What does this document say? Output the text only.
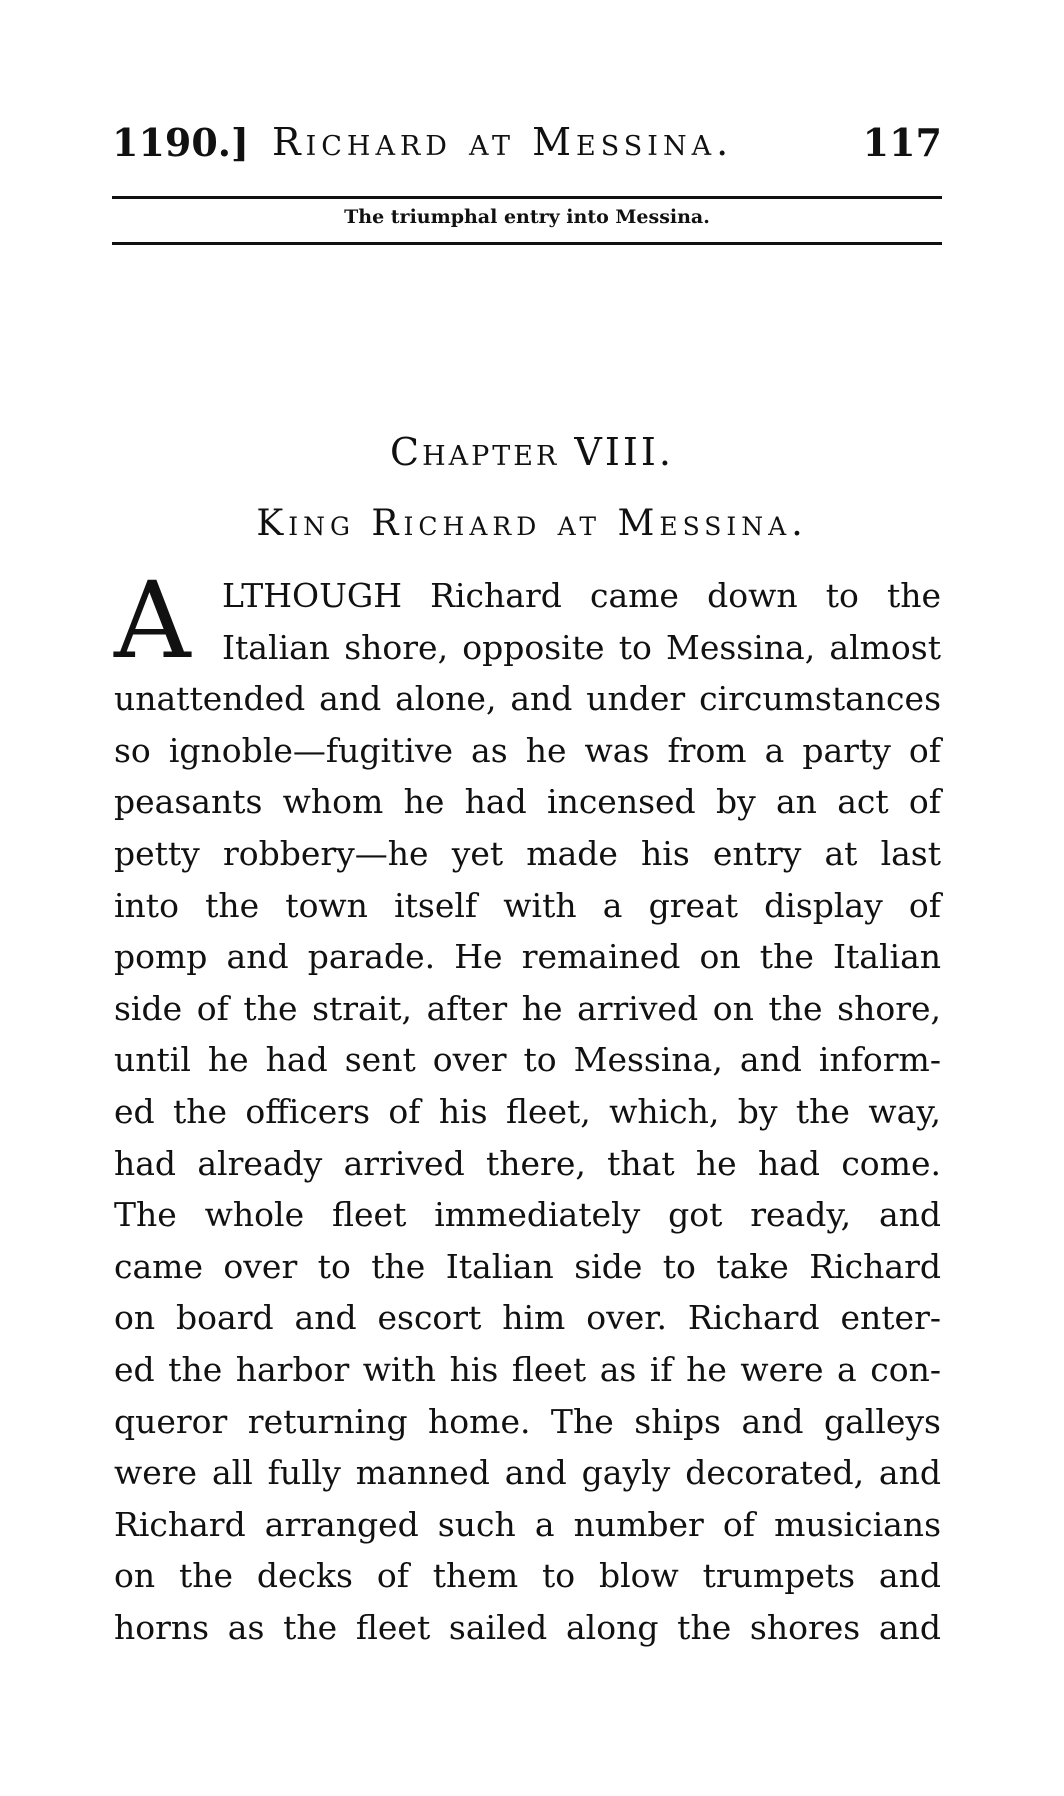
1190.] Richard at Messina.	117
The triumphal entry into Messina.
Chapter VIII.
King Richard at Messina.
A LTHOUGH Richard came down to the
Italian shore, opposite to Messina, almost
unattended and alone, and under circumstances
so ignoble—fugitive as he was from a party of
peasants whom he had incensed by an act of
petty robbery—he yet made his entry at last
into the town itself with a great display of
pomp and parade. He remained on the Italian
side of the strait, after he arrived on the shore,
until he had sent over to Messina, and inform-
ed the officers of his fleet, which, by the way,
had already arrived there, that he had come.
The whole fleet immediately got ready, and
came over to the Italian side to take Richard
on board and escort him over. Richard enter-
ed the harbor with his fleet as if he were a con-
queror returning home. The ships and galleys
were all fully manned and gayly decorated, and
Richard arranged such a number of musicians
on the decks of them to blow trumpets and
horns as the fleet sailed along the shores and
